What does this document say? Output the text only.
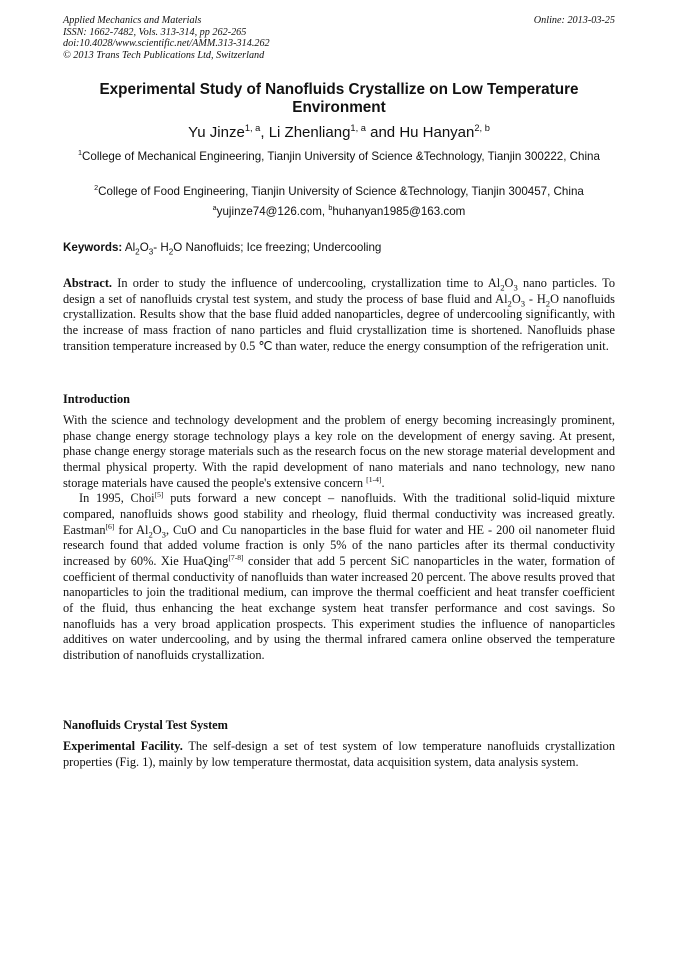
Applied Mechanics and Materials	Online: 2013-03-25
ISSN: 1662-7482, Vols. 313-314, pp 262-265
doi:10.4028/www.scientific.net/AMM.313-314.262
© 2013 Trans Tech Publications Ltd, Switzerland
Experimental Study of Nanofluids Crystallize on Low Temperature Environment
Yu Jinze$^{1, a}$, Li Zhenliang$^{1, a}$ and Hu Hanyan$^{2, b}$
$^1$College of Mechanical Engineering, Tianjin University of Science &Technology, Tianjin 300222, China
$^2$College of Food Engineering, Tianjin University of Science &Technology, Tianjin 300457, China
$^a$yujinze74@126.com, $^b$huhanyan1985@163.com
Keywords: $Al_2O_3-$ $H_2O$ Nanofluids; Ice freezing; Undercooling
Abstract. In order to study the influence of undercooling, crystallization time to $Al_2O_3$ nano particles. To design a set of nanofluids crystal test system, and study the process of base fluid and $Al_2O_3 - H_2O$ nanofluids crystallization. Results show that the base fluid added nanoparticles, degree of undercooling significantly, with the increase of mass fraction of nano particles and fluid crystallization time is shortened. Nanofluids phase transition temperature increased by 0.5 ℃ than water, reduce the energy consumption of the refrigeration unit.
Introduction
With the science and technology development and the problem of energy becoming increasingly prominent, phase change energy storage technology plays a key role on the development of energy saving. At present, phase change energy storage materials such as the research focus on the new storage material development and thermal physical property. With the rapid development of nano materials and nano technology, new nano storage materials have caused the people's extensive concern [1-4].
In 1995, Choi[5] puts forward a new concept – nanofluids. With the traditional solid-liquid mixture compared, nanofluids shows good stability and rheology, fluid thermal conductivity was increased greatly. Eastman[6] for $Al_2O_3$, CuO and Cu nanoparticles in the base fluid for water and HE - 200 oil nanometer fluid research found that added volume fraction is only 5% of the nano particles after its thermal conductivity increased by 60%. Xie HuaQing[7-8] consider that add 5 percent SiC nanoparticles in the water, formation of coefficient of thermal conductivity of nanofluids than water increased 20 percent. The above results proved that nanoparticles to join the traditional medium, can improve the thermal coefficient and heat transfer coefficient of the fluid, thus enhancing the heat exchange system heat transfer performance and cost savings. So nanofluids has a very broad application prospects. This experiment studies the influence of nanoparticles additives on water undercooling, and by using the thermal infrared camera online observed the temperature distribution of nanofluids crystallization.
Nanofluids Crystal Test System
Experimental Facility. The self-design a set of test system of low temperature nanofluids crystallization properties (Fig. 1), mainly by low temperature thermostat, data acquisition system, data analysis system.
